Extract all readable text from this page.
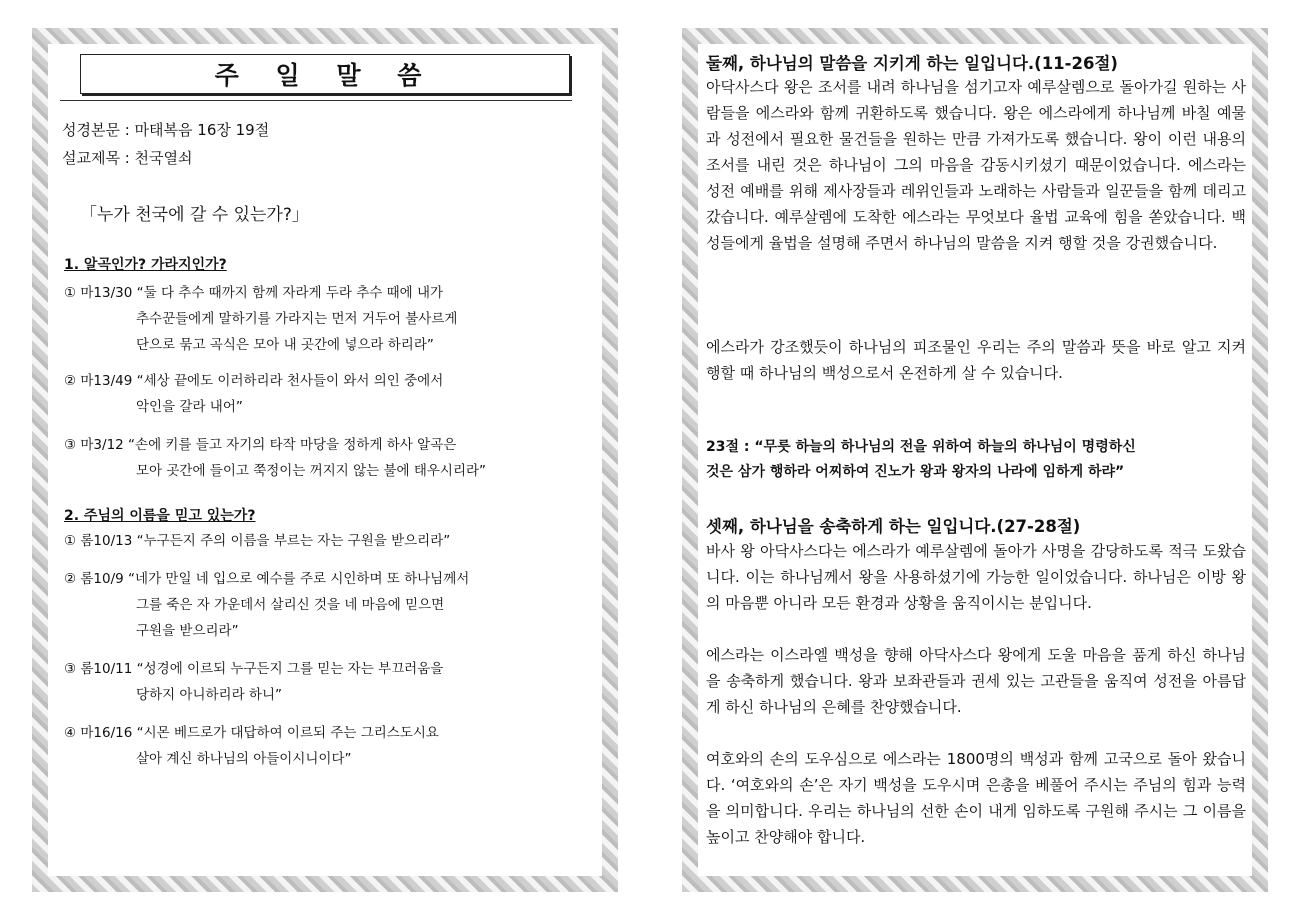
주 일 말 씀
성경본문 : 마태복음 16장 19절
설교제목 : 천국열쇠
「누가 천국에 갈 수 있는가?」
1. 알곡인가? 가라지인가?
① 마13/30 “둘 다 추수 때까지 함께 자라게 두라 추수 때에 내가
추수꾼들에게 말하기를 가라지는 먼저 거두어 불사르게
단으로 묶고 곡식은 모아 내 곳간에 넣으라 하리라”
② 마13/49 “세상 끝에도 이러하리라 천사들이 와서 의인 중에서
악인을 갈라 내어”
③ 마3/12 “손에 키를 들고 자기의 타작 마당을 정하게 하사 알곡은
모아 곳간에 들이고 쭉정이는 꺼지지 않는 불에 태우시리라”
2. 주님의 이름을 믿고 있는가?
① 롬10/13 “누구든지 주의 이름을 부르는 자는 구원을 받으리라”
② 롬10/9 “네가 만일 네 입으로 예수를 주로 시인하며 또 하나님께서
그를 죽은 자 가운데서 살리신 것을 네 마음에 믿으면
구원을 받으리라”
③ 롬10/11 “성경에 이르되 누구든지 그를 믿는 자는 부끄러움을
당하지 아니하리라 하니”
④ 마16/16 “시몬 베드로가 대답하여 이르되 주는 그리스도시요
살아 계신 하나님의 아들이시니이다”
둘째, 하나님의 말씀을 지키게 하는 일입니다.(11-26절)
아닥사스다 왕은 조서를 내려 하나님을 섬기고자 예루살렘으로 돌아가길 원하는 사람들을 에스라와 함께 귀환하도록 했습니다. 왕은 에스라에게 하나님께 바칠 예물과 성전에서 필요한 물건들을 원하는 만큼 가져가도록 했습니다. 왕이 이런 내용의 조서를 내린 것은 하나님이 그의 마음을 감동시키셨기 때문이었습니다. 에스라는 성전 예배를 위해 제사장들과 레위인들과 노래하는 사람들과 일꾼들을 함께 데리고 갔습니다. 예루살렘에 도착한 에스라는 무엇보다 율법 교육에 힘을 쏟았습니다. 백성들에게 율법을 설명해 주면서 하나님의 말씀을 지켜 행할 것을 강권했습니다.
에스라가 강조했듯이 하나님의 피조물인 우리는 주의 말씀과 뜻을 바로 알고 지켜 행할 때 하나님의 백성으로서 온전하게 살 수 있습니다.
23절 : “무릇 하늘의 하나님의 전을 위하여 하늘의 하나님이 명령하신
것은 삼가 행하라 어찌하여 진노가 왕과 왕자의 나라에 임하게 하랴”
셋째, 하나님을 송축하게 하는 일입니다.(27-28절)
바사 왕 아닥사스다는 에스라가 예루살렘에 돌아가 사명을 감당하도록 적극 도왔습니다. 이는 하나님께서 왕을 사용하셨기에 가능한 일이었습니다. 하나님은 이방 왕의 마음뿐 아니라 모든 환경과 상황을 움직이시는 분입니다.
에스라는 이스라엘 백성을 향해 아닥사스다 왕에게 도울 마음을 품게 하신 하나님을 송축하게 했습니다. 왕과 보좌관들과 권세 있는 고관들을 움직여 성전을 아름답게 하신 하나님의 은혜를 찬양했습니다.
여호와의 손의 도우심으로 에스라는 1800명의 백성과 함께 고국으로 돌아 왔습니다. ‘여호와의 손’은 자기 백성을 도우시며 은총을 베풀어 주시는 주님의 힘과 능력을 의미합니다. 우리는 하나님의 선한 손이 내게 임하도록 구원해 주시는 그 이름을 높이고 찬양해야 합니다.
